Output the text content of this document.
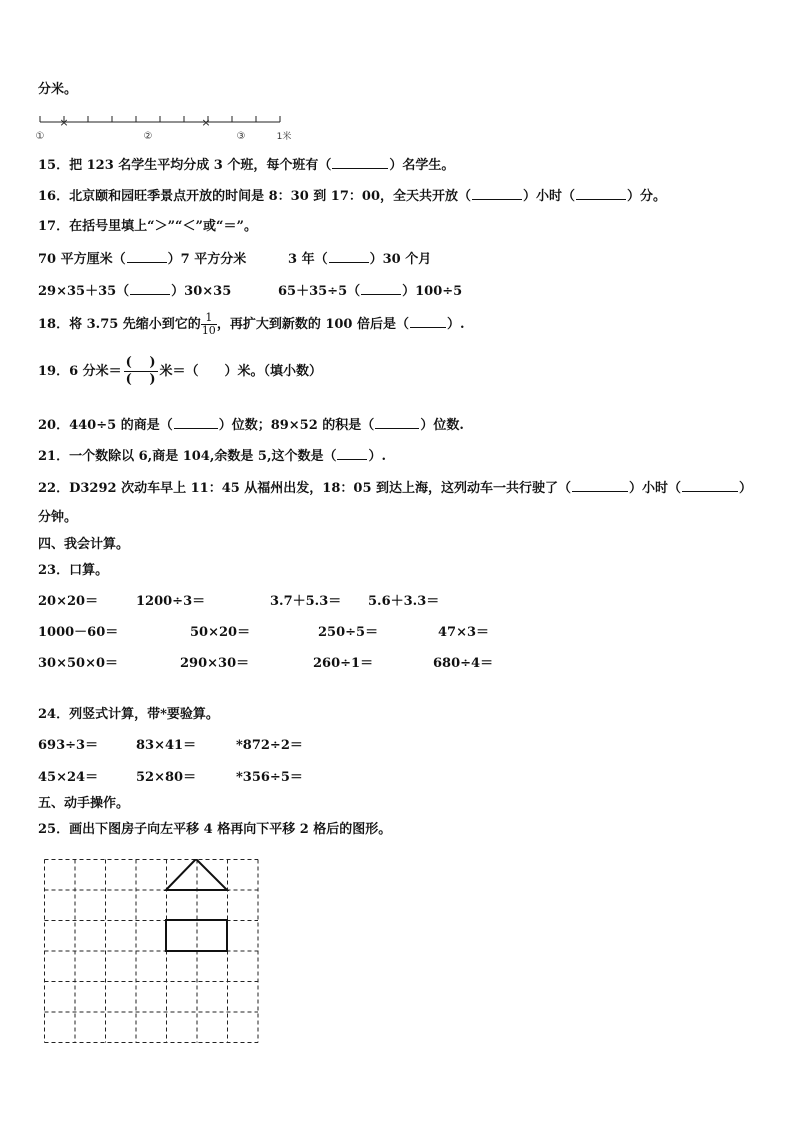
分米。
①	②	③	1米
×	×
15．把 123 名学生平均分成 3 个班，每个班有（	）名学生。
16．北京颐和园旺季景点开放的时间是 8：30 到 17：00，全天共开放（	）小时（	）分。
17．在括号里填上“＞”“＜”或“＝”。
70 平方厘米（	）7 平方分米	3 年（	）30 个月
29×35＋35（	）30×35	65＋35÷5（	）100÷5
18．将 3.75 先缩小到它的 $\frac{1}{10}$ ，再扩大到新数的 100 倍后是（	）.
19．6 分米＝ $\frac{( )}{( )}$ 米＝（　　）米。（填小数）
20．440÷5 的商是（	）位数；89×52 的积是（	）位数.
21．一个数除以 6,商是 104,余数是 5,这个数是（ ）.
22．D3292 次动车早上 11：45 从福州出发，18：05 到达上海，这列动车一共行驶了（	）小时（	）
分钟。
四、我会计算。
23．口算。
20×20＝	1200÷3＝	3.7＋5.3＝ 5.6＋3.3＝
1000－60＝	50×20＝	250÷5＝	47×3＝
30×50×0＝	290×30＝	260÷1＝	680÷4＝
24．列竖式计算，带*要验算。
693÷3＝	83×41＝	*872÷2＝
45×24＝	52×80＝	*356÷5＝
五、动手操作。
25．画出下图房子向左平移 4 格再向下平移 2 格后的图形。
